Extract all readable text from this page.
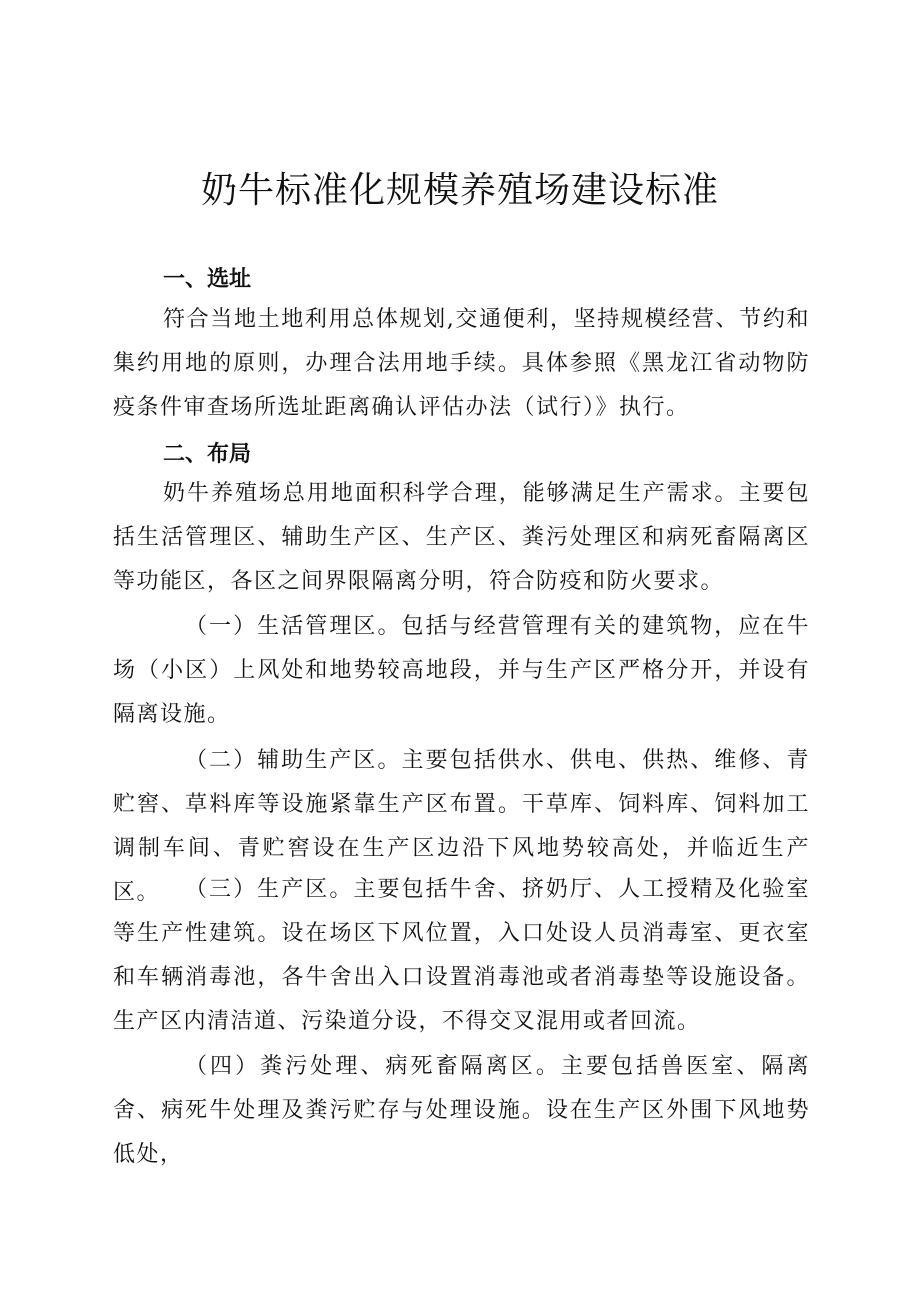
奶牛标准化规模养殖场建设标准
一、选址

符合当地土地利用总体规划,交通便利，坚持规模经营、节约和集约用地的原则，办理合法用地手续。具体参照《黑龙江省动物防疫条件审查场所选址距离确认评估办法（试行）》执行。

二、布局

奶牛养殖场总用地面积科学合理，能够满足生产需求。主要包括生活管理区、辅助生产区、生产区、粪污处理区和病死畜隔离区等功能区，各区之间界限隔离分明，符合防疫和防火要求。

（一）生活管理区。包括与经营管理有关的建筑物，应在牛场（小区）上风处和地势较高地段，并与生产区严格分开，并设有隔离设施。

（二）辅助生产区。主要包括供水、供电、供热、维修、青贮窖、草料库等设施紧靠生产区布置。干草库、饲料库、饲料加工调制车间、青贮窖设在生产区边沿下风地势较高处，并临近生产区。	（三）生产区。主要包括牛舍、挤奶厅、人工授精及化验室等生产性建筑。设在场区下风位置，入口处设人员消毒室、更衣室和车辆消毒池，各牛舍出入口设置消毒池或者消毒垫等设施设备。生产区内清洁道、污染道分设，不得交叉混用或者回流。

（四）粪污处理、病死畜隔离区。主要包括兽医室、隔离舍、病死牛处理及粪污贮存与处理设施。设在生产区外围下风地势低处，
